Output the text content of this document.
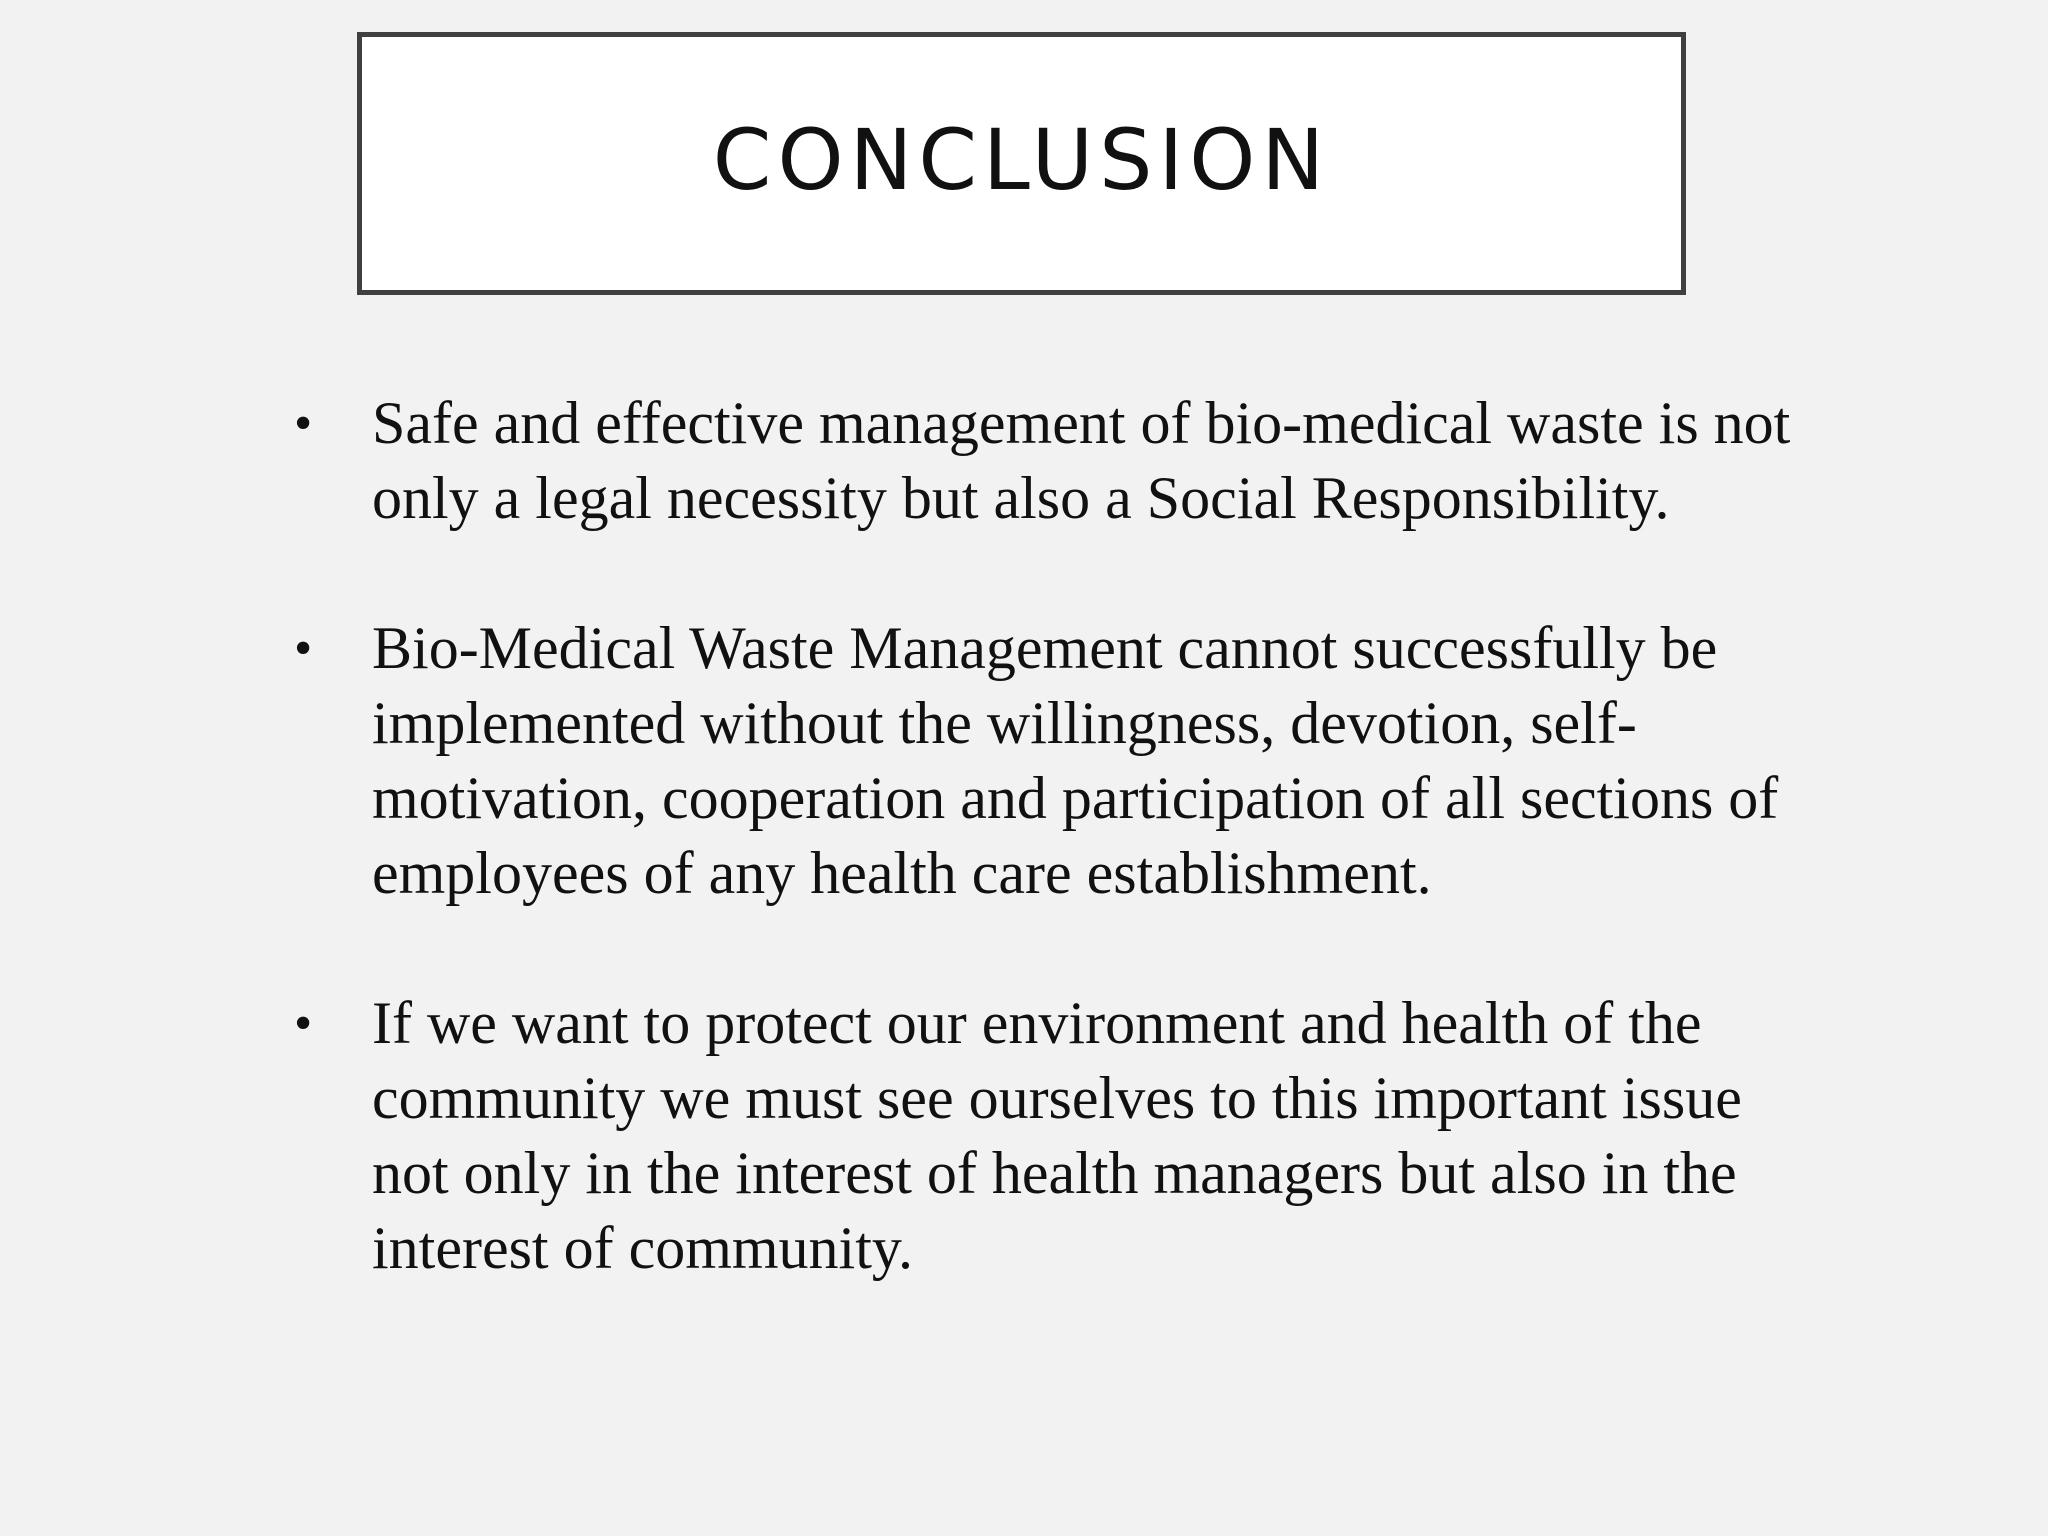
CONCLUSION
• Safe and effective management of bio-medical waste is not only a legal necessity but also a Social Responsibility.
• Bio-Medical Waste Management cannot successfully be implemented without the willingness, devotion, self-motivation, cooperation and participation of all sections of employees of any health care establishment.
• If we want to protect our environment and health of the community we must see ourselves to this important issue not only in the interest of health managers but also in the interest of community.
